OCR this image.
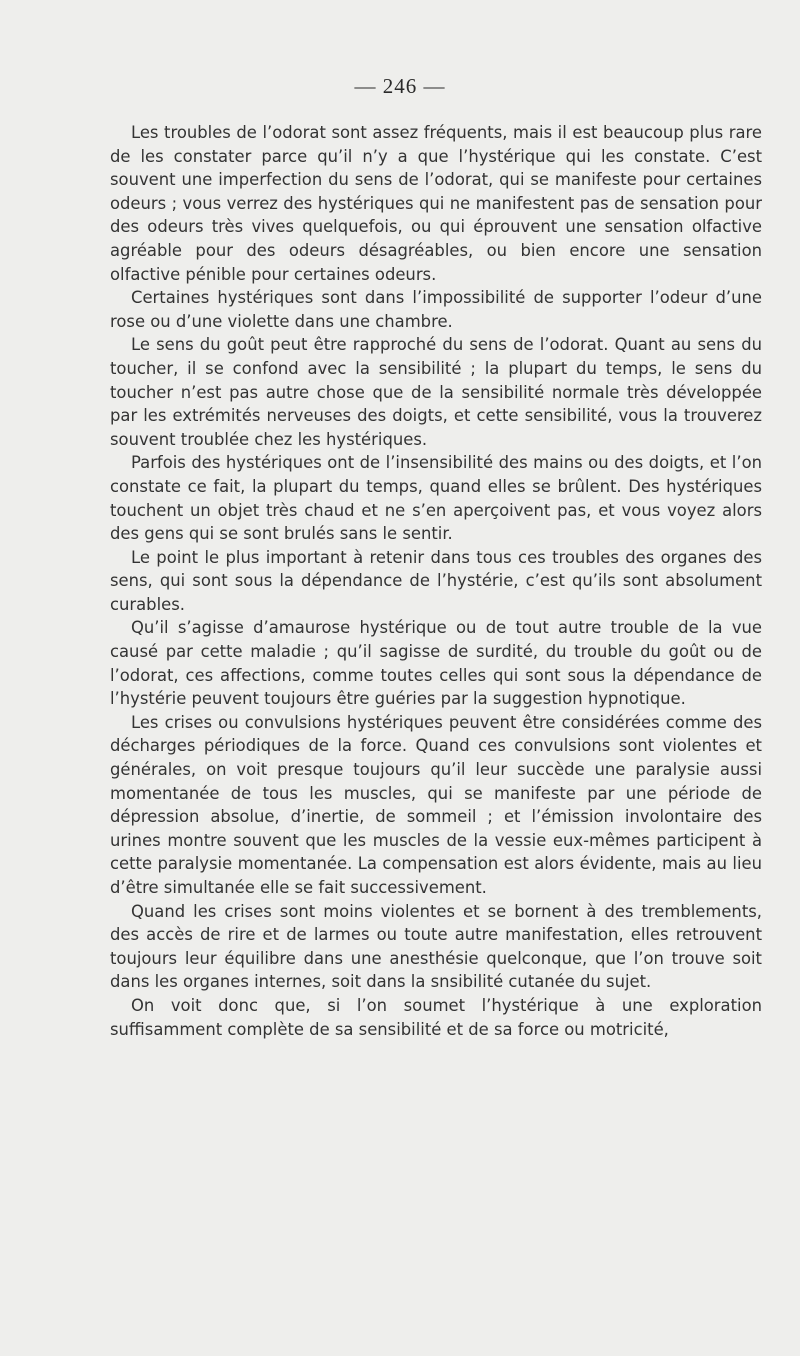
— 246 —

Les troubles de l’odorat sont assez fréquents, mais il est beaucoup plus rare de les constater parce qu’il n’y a que l’hystérique qui les constate. C’est souvent une imperfection du sens de l’odorat, qui se manifeste pour certaines odeurs ; vous verrez des hystériques qui ne manifestent pas de sensation pour des odeurs très vives quelquefois, ou qui éprouvent une sensation olfactive agréable pour des odeurs désagréables, ou bien encore une sensation olfactive pénible pour certaines odeurs.

Certaines hystériques sont dans l’impossibilité de supporter l’odeur d’une rose ou d’une violette dans une chambre.

Le sens du goût peut être rapproché du sens de l’odorat. Quant au sens du toucher, il se confond avec la sensibilité ; la plupart du temps, le sens du toucher n’est pas autre chose que de la sensibilité normale très développée par les extrémités nerveuses des doigts, et cette sensibilité, vous la trouverez souvent troublée chez les hystériques.

Parfois des hystériques ont de l’insensibilité des mains ou des doigts, et l’on constate ce fait, la plupart du temps, quand elles se brûlent. Des hystériques touchent un objet très chaud et ne s’en aperçoivent pas, et vous voyez alors des gens qui se sont brulés sans le sentir.

Le point le plus important à retenir dans tous ces troubles des organes des sens, qui sont sous la dépendance de l’hystérie, c’est qu’ils sont absolument curables.

Qu’il s’agisse d’amaurose hystérique ou de tout autre trouble de la vue causé par cette maladie ; qu’il sagisse de surdité, du trouble du goût ou de l’odorat, ces affections, comme toutes celles qui sont sous la dépendance de l’hystérie peuvent toujours être guéries par la suggestion hypnotique.

Les crises ou convulsions hystériques peuvent être considérées comme des décharges périodiques de la force. Quand ces convulsions sont violentes et générales, on voit presque toujours qu’il leur succède une paralysie aussi momentanée de tous les muscles, qui se manifeste par une période de dépression absolue, d’inertie, de sommeil ; et l’émission involontaire des urines montre souvent que les muscles de la vessie eux-mêmes participent à cette paralysie momentanée. La compensation est alors évidente, mais au lieu d’être simultanée elle se fait successivement.

Quand les crises sont moins violentes et se bornent à des tremblements, des accès de rire et de larmes ou toute autre manifestation, elles retrouvent toujours leur équilibre dans une anesthésie quelconque, que l’on trouve soit dans les organes internes, soit dans la snsibilité cutanée du sujet.

On voit donc que, si l’on soumet l’hystérique à une exploration suffisamment complète de sa sensibilité et de sa force ou motricité,
